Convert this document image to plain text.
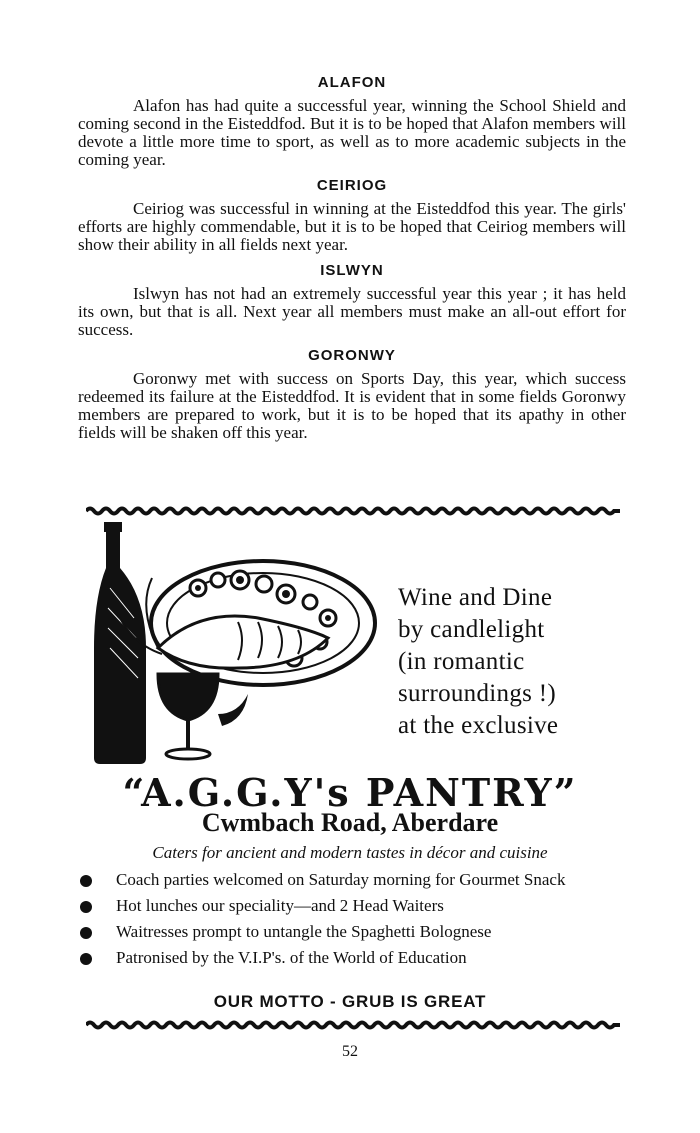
ALAFON

Alafon has had quite a successful year, winning the School Shield and coming second in the Eisteddfod. But it is to be hoped that Alafon members will devote a little more time to sport, as well as to more academic subjects in the coming year.

CEIRIOG

Ceiriog was successful in winning at the Eisteddfod this year. The girls' efforts are highly commendable, but it is to be hoped that Ceiriog members will show their ability in all fields next year.

ISLWYN

Islwyn has not had an extremely successful year this year ; it has held its own, but that is all. Next year all members must make an all-out effort for success.

GORONWY

Goronwy met with success on Sports Day, this year, which success redeemed its failure at the Eisteddfod. It is evident that in some fields Goronwy members are prepared to work, but it is to be hoped that its apathy in other fields will be shaken off this year.

Wine and Dine
by candlelight
(in romantic
surroundings !)
at the exclusive
“A.G.G.Y's PANTRY”
Cwmbach Road, Aberdare
Caters for ancient and modern tastes in décor and cuisine
Coach parties welcomed on Saturday morning for Gourmet Snack
Hot lunches our speciality—and 2 Head Waiters
Waitresses prompt to untangle the Spaghetti Bolognese
Patronised by the V.I.P's. of the World of Education
OUR MOTTO - GRUB IS GREAT
52
